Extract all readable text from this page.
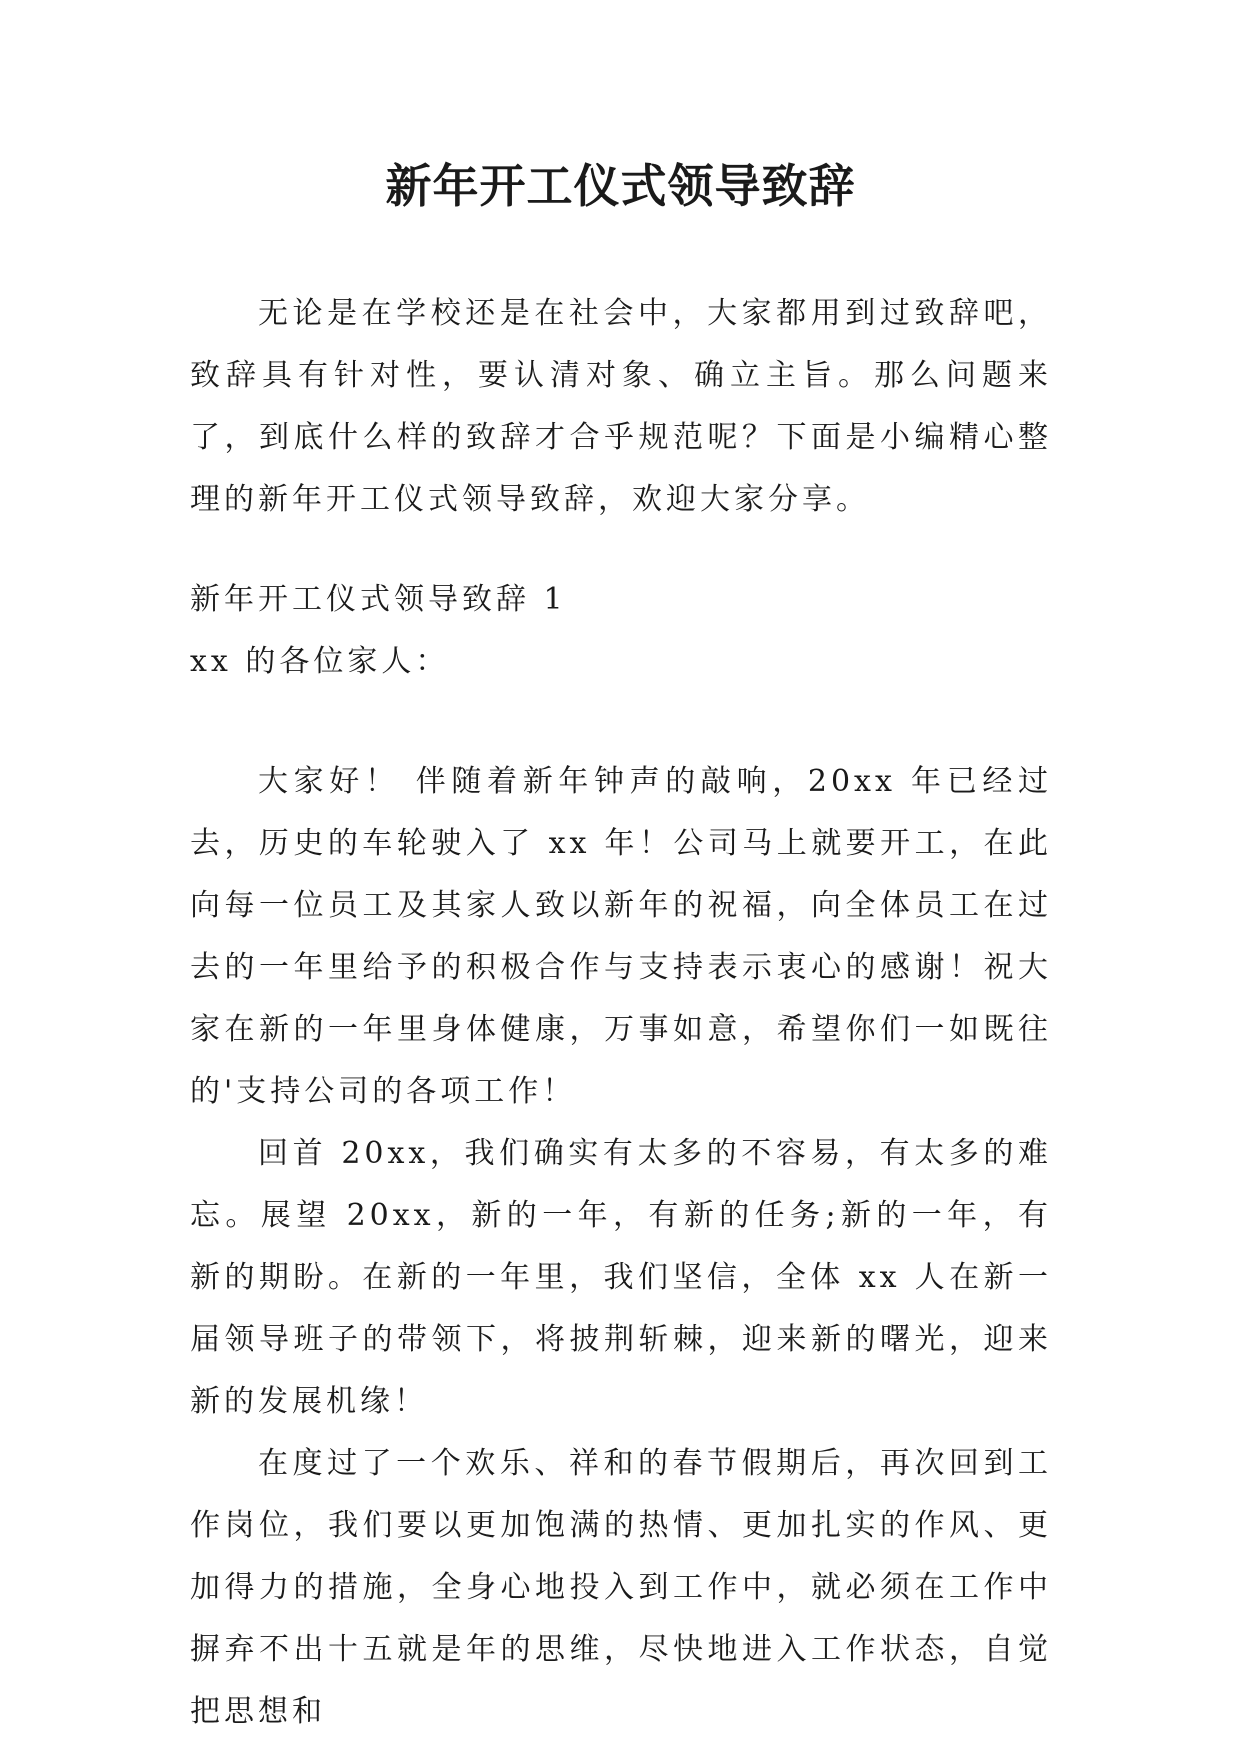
新年开工仪式领导致辞

无论是在学校还是在社会中，大家都用到过致辞吧，致辞具有针对性，要认清对象、确立主旨。那么问题来了，到底什么样的致辞才合乎规范呢？下面是小编精心整理的新年开工仪式领导致辞，欢迎大家分享。

新年开工仪式领导致辞 1

xx 的各位家人：

大家好！ 伴随着新年钟声的敲响，20xx 年已经过去，历史的车轮驶入了 xx 年！公司马上就要开工，在此向每一位员工及其家人致以新年的祝福，向全体员工在过去的一年里给予的积极合作与支持表示衷心的感谢！祝大家在新的一年里身体健康，万事如意，希望你们一如既往的'支持公司的各项工作！

回首 20xx，我们确实有太多的不容易，有太多的难忘。展望 20xx，新的一年，有新的任务;新的一年，有新的期盼。在新的一年里，我们坚信，全体 xx 人在新一届领导班子的带领下，将披荆斩棘，迎来新的曙光，迎来新的发展机缘！

在度过了一个欢乐、祥和的春节假期后，再次回到工作岗位，我们要以更加饱满的热情、更加扎实的作风、更加得力的措施，全身心地投入到工作中，就必须在工作中摒弃不出十五就是年的思维，尽快地进入工作状态，自觉把思想和
